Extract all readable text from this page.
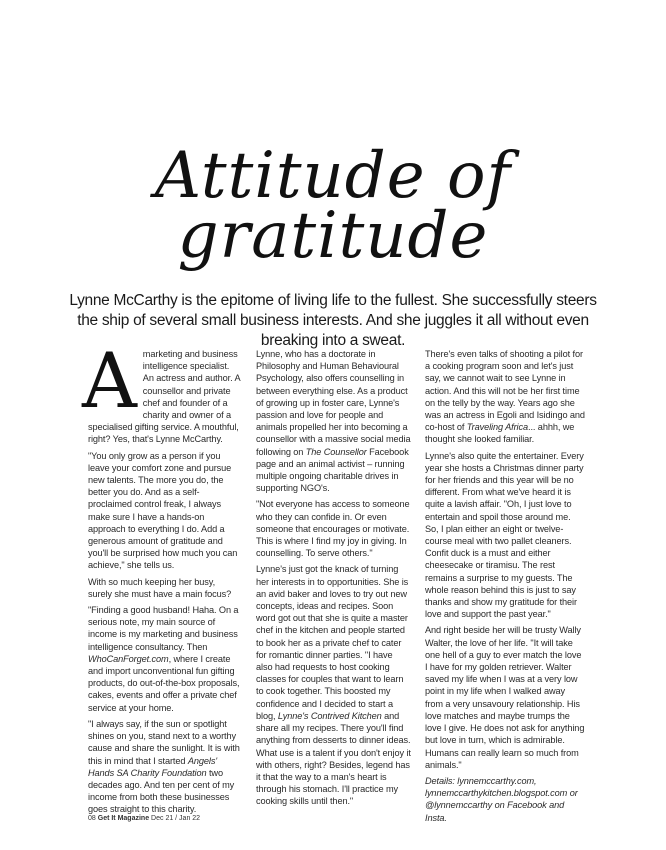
Attitude of
gratitude
Lynne McCarthy is the epitome of living life to the fullest. She successfully steers the ship of several small business interests. And she juggles it all without even breaking into a sweat.
A marketing and business intelligence specialist. An actress and author. A counsellor and private chef and founder of a charity and owner of a specialised gifting service. A mouthful, right? Yes, that's Lynne McCarthy.

"You only grow as a person if you leave your comfort zone and pursue new talents. The more you do, the better you do. And as a self-proclaimed control freak, I always make sure I have a hands-on approach to everything I do. Add a generous amount of gratitude and you'll be surprised how much you can achieve," she tells us.

With so much keeping her busy, surely she must have a main focus?

"Finding a good husband! Haha. On a serious note, my main source of income is my marketing and business intelligence consultancy. Then WhoCanForget.com, where I create and import unconventional fun gifting products, do out-of-the-box proposals, cakes, events and offer a private chef service at your home.

"I always say, if the sun or spotlight shines on you, stand next to a worthy cause and share the sunlight. It is with this in mind that I started Angels' Hands SA Charity Foundation two decades ago. And ten per cent of my income from both these businesses goes straight to this charity.

Lynne, who has a doctorate in Philosophy and Human Behavioural Psychology, also offers counselling in between everything else. As a product of growing up in foster care, Lynne's passion and love for people and animals propelled her into becoming a counsellor with a massive social media following on The Counsellor Facebook page and an animal activist – running multiple ongoing charitable drives in supporting NGO's.

"Not everyone has access to someone who they can confide in. Or even someone that encourages or motivate. This is where I find my joy in giving. In counselling. To serve others."

Lynne's just got the knack of turning her interests in to opportunities. She is an avid baker and loves to try out new concepts, ideas and recipes. Soon word got out that she is quite a master chef in the kitchen and people started to book her as a private chef to cater for romantic dinner parties. "I have also had requests to host cooking classes for couples that want to learn to cook together. This boosted my confidence and I decided to start a blog, Lynne's Contrived Kitchen and share all my recipes. There you'll find anything from desserts to dinner ideas. What use is a talent if you don't enjoy it with others, right? Besides, legend has it that the way to a man's heart is through his stomach. I'll practice my cooking skills until then."

There's even talks of shooting a pilot for a cooking program soon and let's just say, we cannot wait to see Lynne in action. And this will not be her first time on the telly by the way. Years ago she was an actress in Egoli and Isidingo and co-host of Traveling Africa... ahhh, we thought she looked familiar.

Lynne's also quite the entertainer. Every year she hosts a Christmas dinner party for her friends and this year will be no different. From what we've heard it is quite a lavish affair. "Oh, I just love to entertain and spoil those around me. So, I plan either an eight or twelve-course meal with two pallet cleaners. Confit duck is a must and either cheesecake or tiramisu. The rest remains a surprise to my guests. The whole reason behind this is just to say thanks and show my gratitude for their love and support the past year."

And right beside her will be trusty Wally Walter, the love of her life. "It will take one hell of a guy to ever match the love I have for my golden retriever. Walter saved my life when I was at a very low point in my life when I walked away from a very unsavoury relationship. His love matches and maybe trumps the love I give. He does not ask for anything but love in turn, which is admirable. Humans can really learn so much from animals."

Details: lynnemccarthy.com, lynnemccarthykitchen.blogspot.com or @lynnemccarthy on Facebook and Insta.

08 Get It Magazine Dec 21 / Jan 22
